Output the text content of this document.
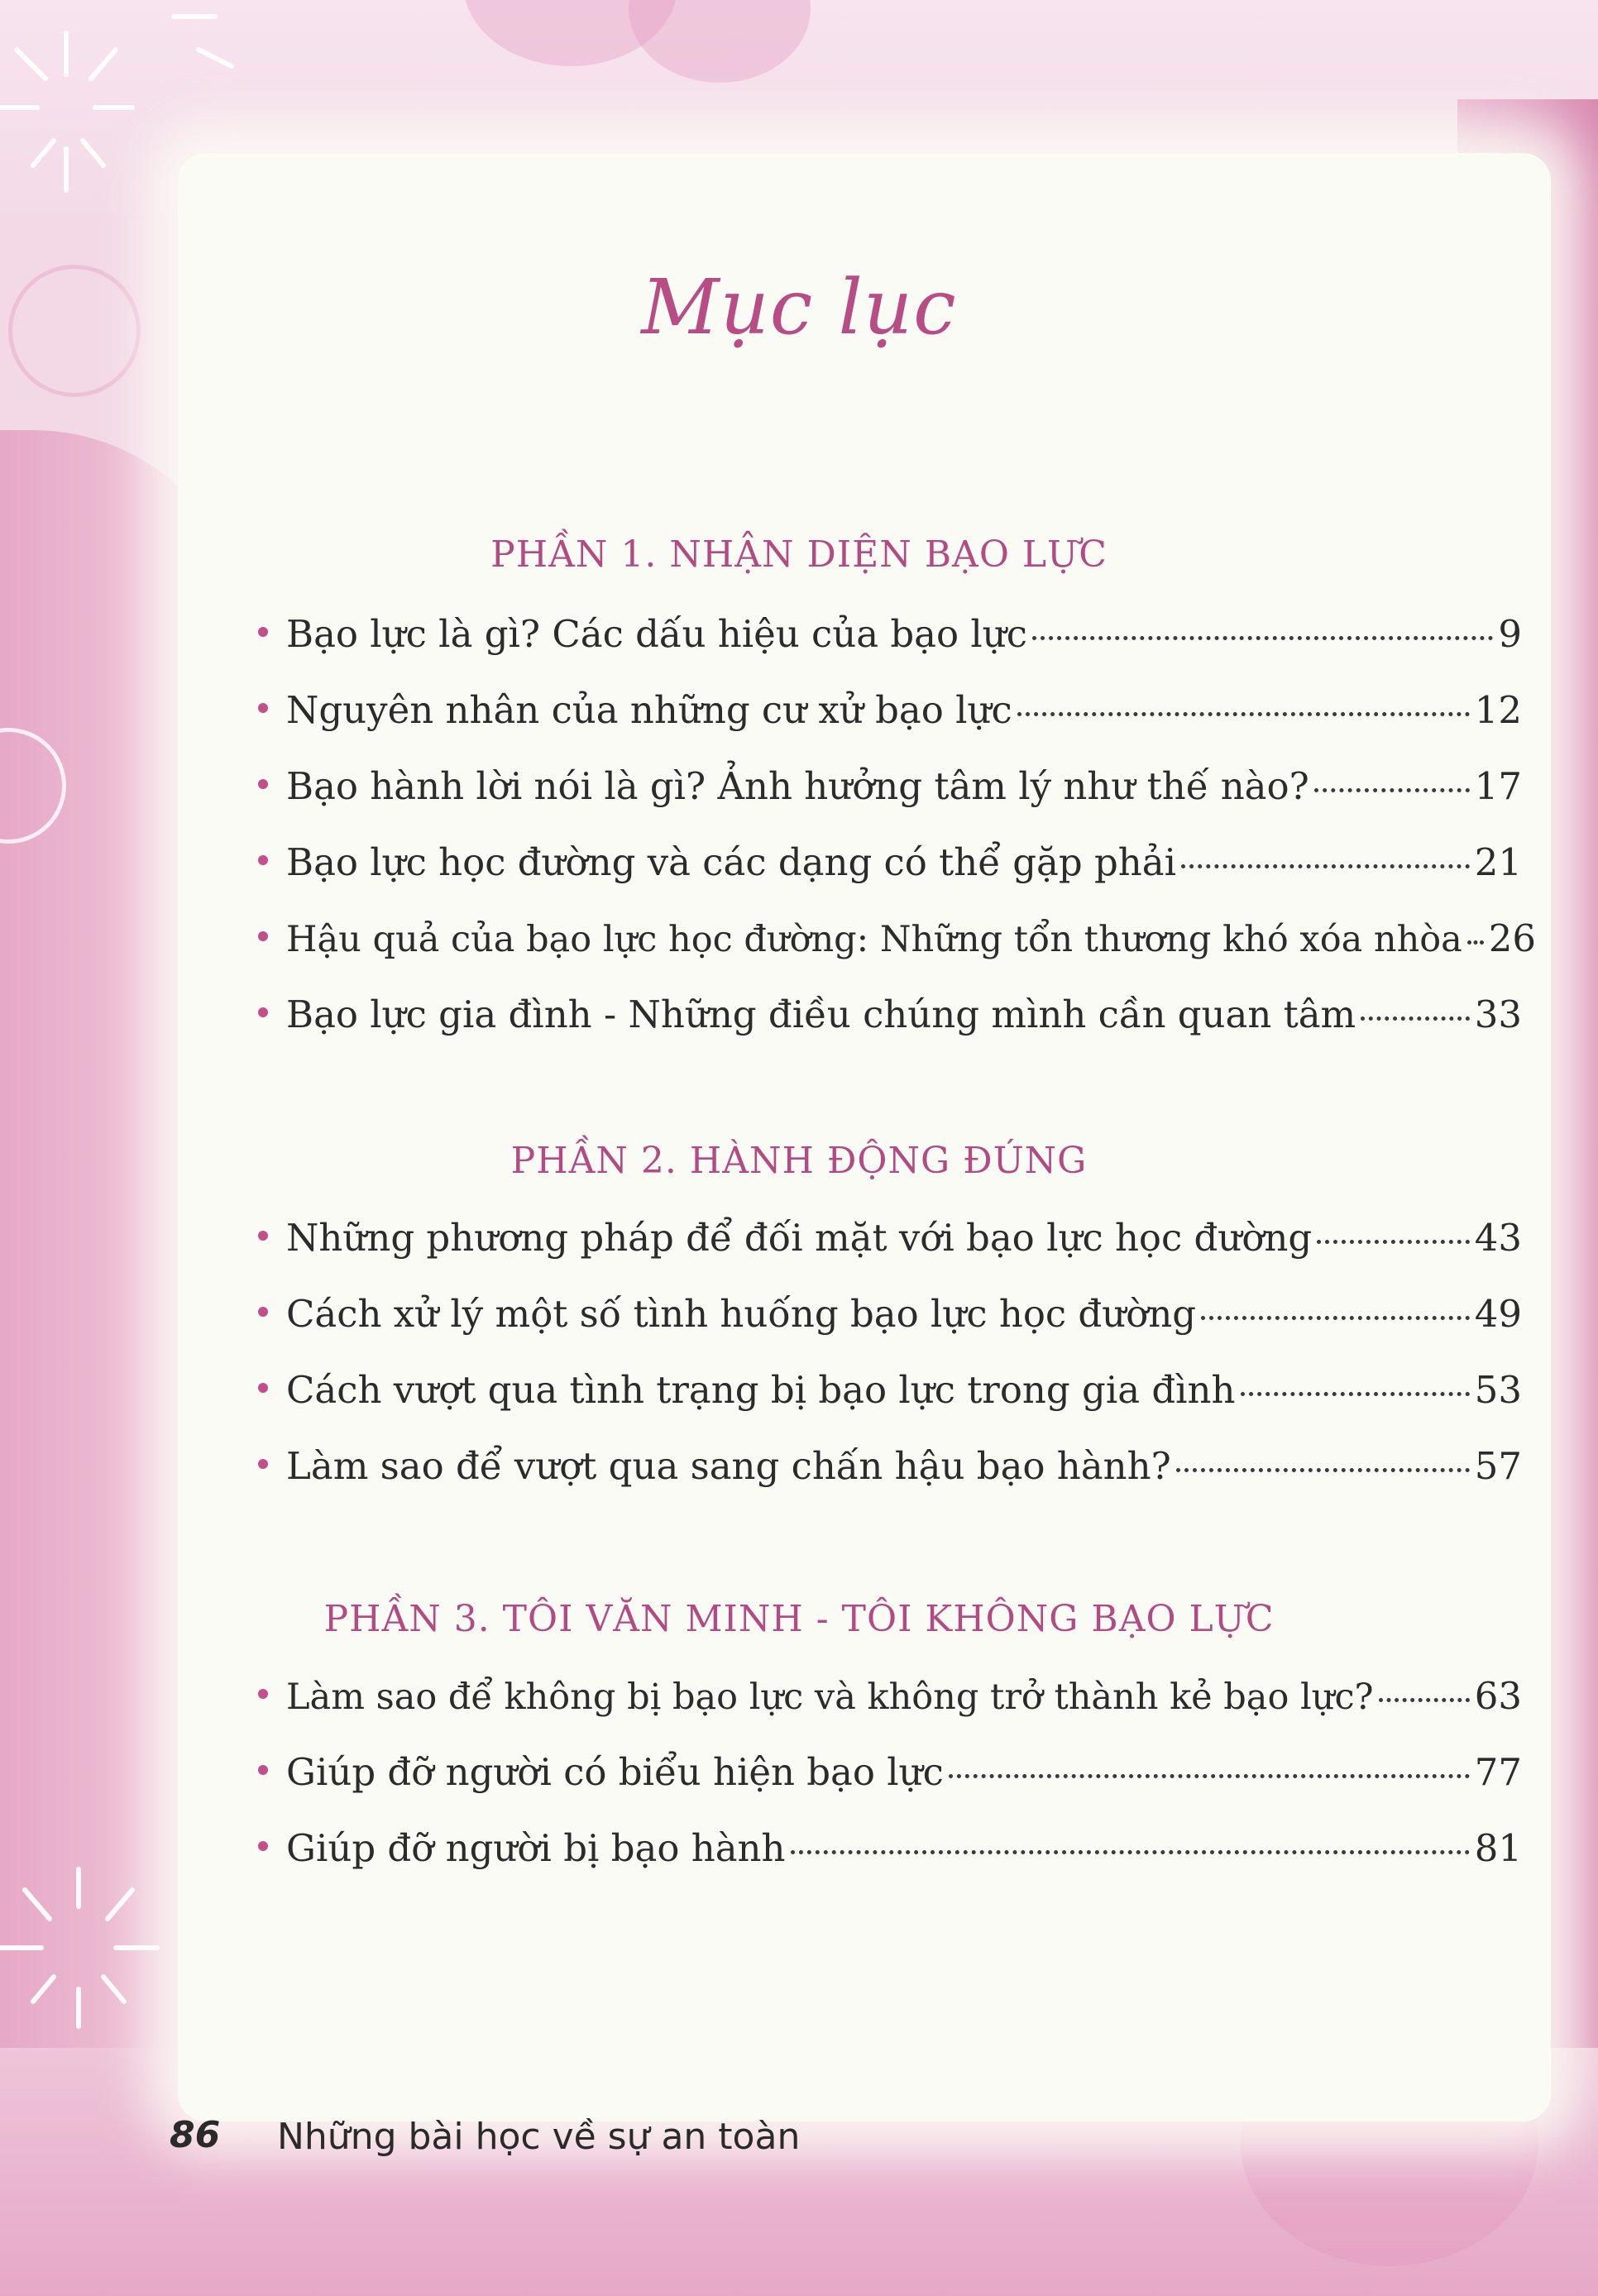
Mục lục
PHẦN 1. NHẬN DIỆN BẠO LỰC
Bạo lực là gì? Các dấu hiệu của bạo lực	9
Nguyên nhân của những cư xử bạo lực	12
Bạo hành lời nói là gì? Ảnh hưởng tâm lý như thế nào?	17
Bạo lực học đường và các dạng có thể gặp phải	21
Hậu quả của bạo lực học đường: Những tổn thương khó xóa nhòa 26
Bạo lực gia đình - Những điều chúng mình cần quan tâm	33
PHẦN 2. HÀNH ĐỘNG ĐÚNG
Những phương pháp để đối mặt với bạo lực học đường	43
Cách xử lý một số tình huống bạo lực học đường	49
Cách vượt qua tình trạng bị bạo lực trong gia đình	53
Làm sao để vượt qua sang chấn hậu bạo hành?	57
PHẦN 3. TÔI VĂN MINH - TÔI KHÔNG BẠO LỰC
Làm sao để không bị bạo lực và không trở thành kẻ bạo lực?	63
Giúp đỡ người có biểu hiện bạo lực	77
Giúp đỡ người bị bạo hành	81
86 Những bài học về sự an toàn
